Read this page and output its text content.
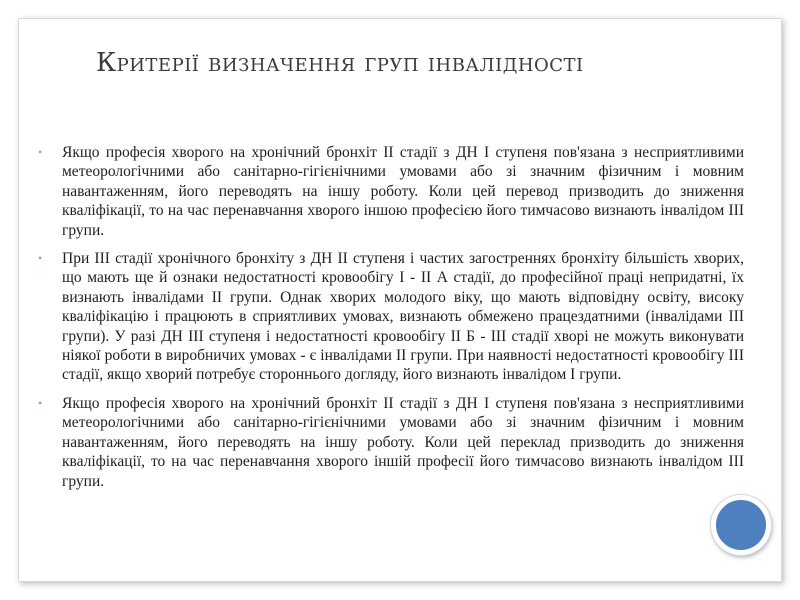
Критерії визначення груп інвалідності
• Якщо професія хворого на хронічний бронхіт II стадії з ДН I ступеня пов'язана з несприятливими метеорологічними або санітарно-гігієнічними умовами або зі значним фізичним і мовним навантаженням, його переводять на іншу роботу. Коли цей перевод призводить до зниження кваліфікації, то на час перенавчання хворого іншою професією його тимчасово визнають інвалідом III групи.
• При III стадії хронічного бронхіту з ДН II ступеня і частих загостреннях бронхіту більшість хворих, що мають ще й ознаки недостатності кровообігу I - II А стадії, до професійної праці непридатні, їх визнають інвалідами II групи. Однак хворих молодого віку, що мають відповідну освіту, високу кваліфікацію і працюють в сприятливих умовах, визнають обмежено працездатними (інвалідами III групи). У разі ДН III ступеня і недостатності кровообігу II Б - III стадії хворі не можуть виконувати ніякої роботи в виробничих умовах - є інвалідами II групи. При наявності недостатності кровообігу III стадії, якщо хворий потребує стороннього догляду, його визнають інвалідом I групи.
• Якщо професія хворого на хронічний бронхіт II стадії з ДН I ступеня пов'язана з несприятливими метеорологічними або санітарно-гігієнічними умовами або зі значним фізичним і мовним навантаженням, його переводять на іншу роботу. Коли цей переклад призводить до зниження кваліфікації, то на час перенавчання хворого іншій професії його тимчасово визнають інвалідом III групи.
